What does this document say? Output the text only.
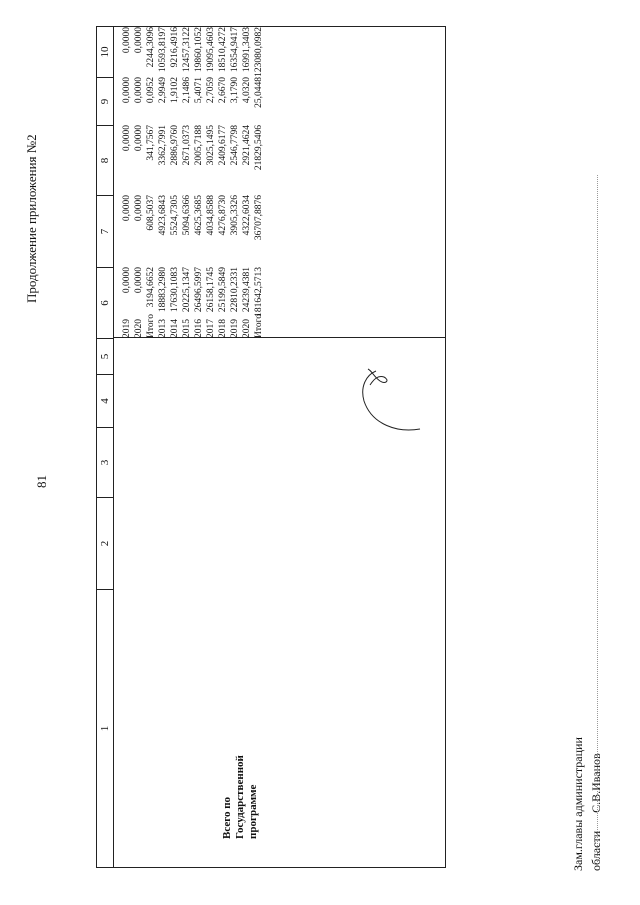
81
Продолжение приложения №2
1
2
3
4
5
6
7
8
9
10
Всего по Государственной программе
2019 2020 Итого 2013 2014 2015 2016 2017 2018 2019 2020 Итого
0,0000 0,0000 3194,6652 18883,2980 17630,1083 20225,1347 26496,5997 26158,1745 25199,5849 22810,2331 24239,4381 181642,5713
0,0000 0,0000 608,5037 4923,6843 5524,7305 5094,6366 4625,3685 4034,8588 4276,8730 3905,3326 4322,6034 36707,8876
0,0000 0,0000 341,7567 3362,7991 2886,9760 2671,0373 2005,7188 3025,1495 2409,6177 2546,7798 2921,4624 21829,5406
0,0000 0,0000 0,0952 2,9949 1,9102 2,1486 5,4071 2,7059 2,6670 3,1790 4,0320 25,0448
0,0000 0,0000 2244,3096 10593,8197 9216,4916 12457,3122 19860,1052 19095,4603 18510,4272 16354,9417 16991,3403 123080,0982
Зам.главы администрации областиС.В.Иванов
